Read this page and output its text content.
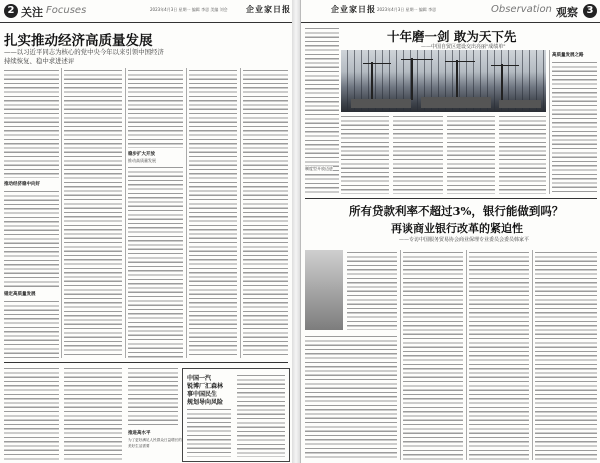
2 关注 Focuses	2023年4月3日 星期一 编辑 李思 美编 刘会 企业家日报
扎实推动经济高质量发展
——以习近平同志为核心的党中央今年以来引领中国经济
持续恢复、稳中求进述评
推动经济稳中向好
锚定高质量发展
稳步扩大开放
推动高质量发展
推进高水平
为了更好满足人民群众日益增长的
美好生活需要
中国一汽
锐博厂汇森林
事中国民生
规划导向风险
企业家日报 2023年4月3日 星期一 编辑 李思	Observation 观察 3
十年磨一剑 敢为天下先
——中国自贸区建设交出亮丽"成绩单"
制度型开放迈进
高质量发展之路
所有贷款利率不超过3%，银行能做到吗？
再谈商业银行改革的紧迫性
——专访中国服务贸易协会商业保理专业委员会委员韩家平
